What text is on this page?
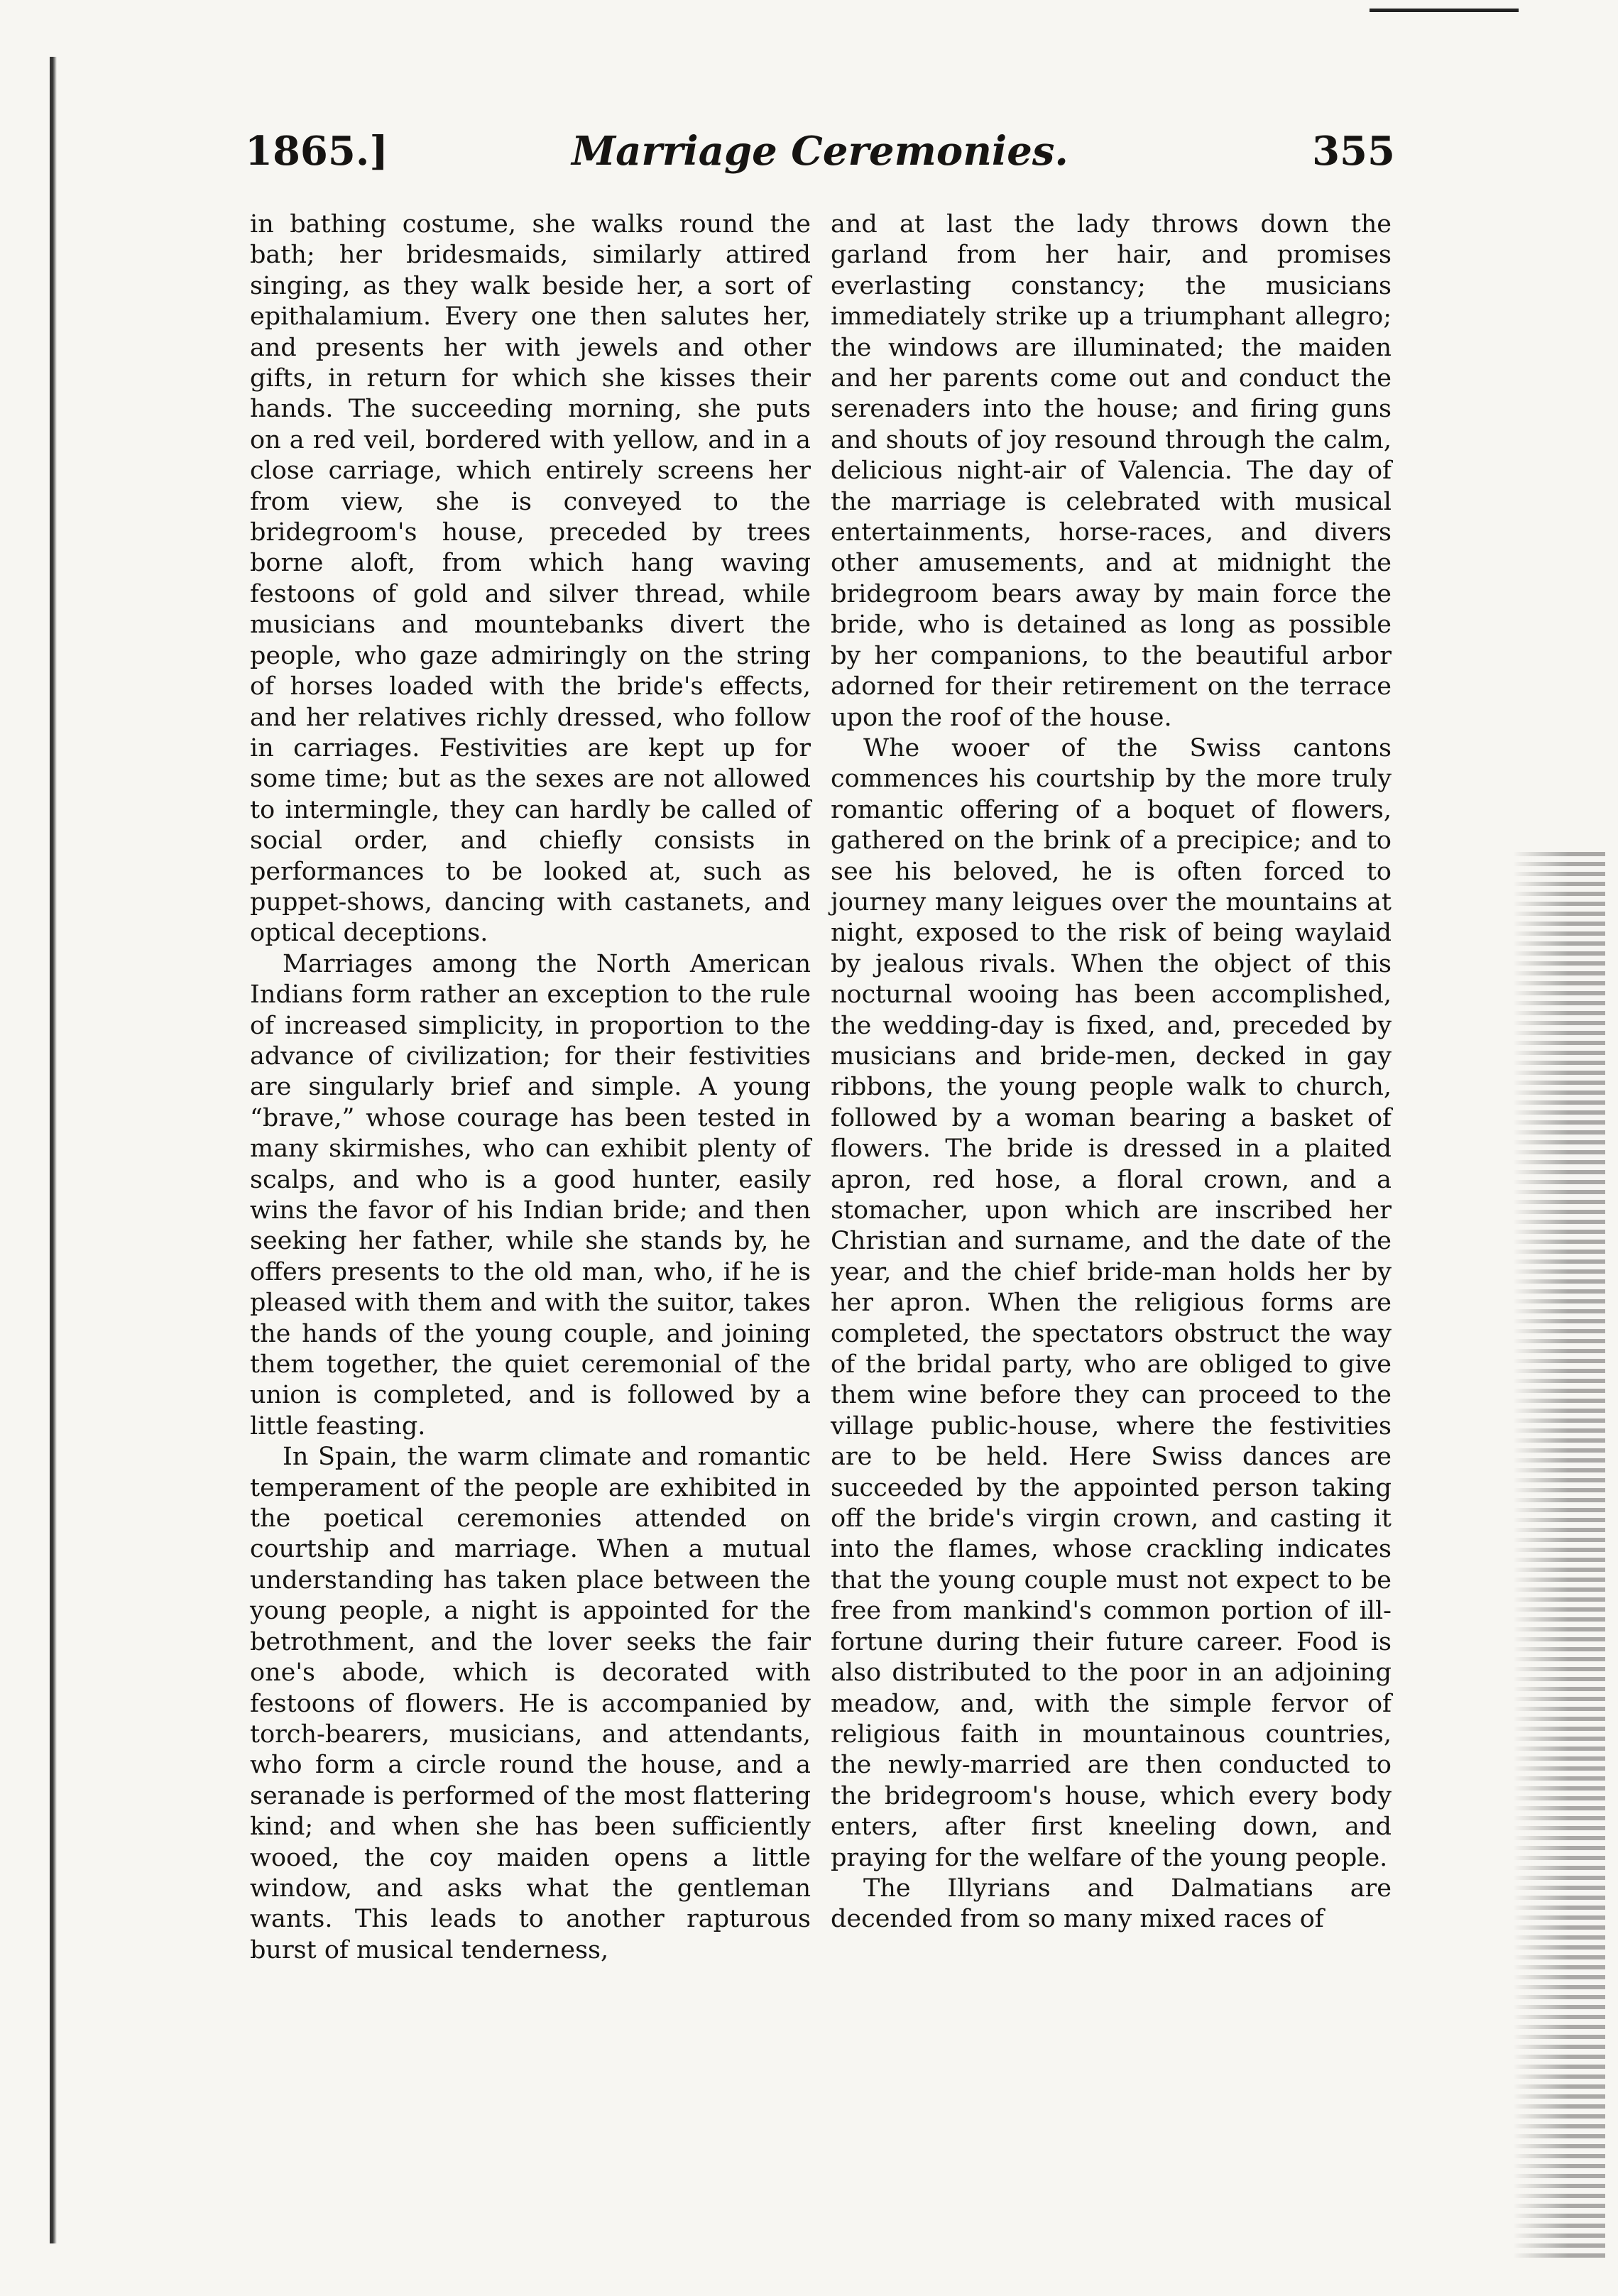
1865.]	Marriage Ceremonies.	355

in bathing costume, she walks round the bath; her bridesmaids, similarly attired singing, as they walk beside her, a sort of epithalamium. Every one then salutes her, and presents her with jewels and other gifts, in return for which she kisses their hands. The succeeding morning, she puts on a red veil, bordered with yellow, and in a close carriage, which entirely screens her from view, she is conveyed to the bridegroom's house, preceded by trees borne aloft, from which hang waving festoons of gold and silver thread, while musicians and mountebanks divert the people, who gaze admiringly on the string of horses loaded with the bride's effects, and her relatives richly dressed, who follow in carriages. Festivities are kept up for some time; but as the sexes are not allowed to intermingle, they can hardly be called of social order, and chiefly consists in performances to be looked at, such as puppet-shows, dancing with castanets, and optical deceptions.

Marriages among the North American Indians form rather an exception to the rule of increased simplicity, in proportion to the advance of civilization; for their festivities are singularly brief and simple. A young “brave,” whose courage has been tested in many skirmishes, who can exhibit plenty of scalps, and who is a good hunter, easily wins the favor of his Indian bride; and then seeking her father, while she stands by, he offers presents to the old man, who, if he is pleased with them and with the suitor, takes the hands of the young couple, and joining them together, the quiet ceremonial of the union is completed, and is followed by a little feasting.

In Spain, the warm climate and romantic temperament of the people are exhibited in the poetical ceremonies attended on courtship and marriage. When a mutual understanding has taken place between the young people, a night is appointed for the betrothment, and the lover seeks the fair one's abode, which is decorated with festoons of flowers. He is accompanied by torch-bearers, musicians, and attendants, who form a circle round the house, and a seranade is performed of the most flattering kind; and when she has been sufficiently wooed, the coy maiden opens a little window, and asks what the gentleman wants. This leads to another rapturous burst of musical tenderness,

and at last the lady throws down the garland from her hair, and promises everlasting constancy; the musicians immediately strike up a triumphant allegro; the windows are illuminated; the maiden and her parents come out and conduct the serenaders into the house; and firing guns and shouts of joy resound through the calm, delicious night-air of Valencia. The day of the marriage is celebrated with musical entertainments, horse-races, and divers other amusements, and at midnight the bridegroom bears away by main force the bride, who is detained as long as possible by her companions, to the beautiful arbor adorned for their retirement on the terrace upon the roof of the house.

Whe wooer of the Swiss cantons commences his courtship by the more truly romantic offering of a boquet of flowers, gathered on the brink of a precipice; and to see his beloved, he is often forced to journey many leigues over the mountains at night, exposed to the risk of being waylaid by jealous rivals. When the object of this nocturnal wooing has been accomplished, the wedding-day is fixed, and, preceded by musicians and bride-men, decked in gay ribbons, the young people walk to church, followed by a woman bearing a basket of flowers. The bride is dressed in a plaited apron, red hose, a floral crown, and a stomacher, upon which are inscribed her Christian and surname, and the date of the year, and the chief bride-man holds her by her apron. When the religious forms are completed, the spectators obstruct the way of the bridal party, who are obliged to give them wine before they can proceed to the village public-house, where the festivities are to be held. Here Swiss dances are succeeded by the appointed person taking off the bride's virgin crown, and casting it into the flames, whose crackling indicates that the young couple must not expect to be free from mankind's common portion of ill-fortune during their future career. Food is also distributed to the poor in an adjoining meadow, and, with the simple fervor of religious faith in mountainous countries, the newly-married are then conducted to the bridegroom's house, which every body enters, after first kneeling down, and praying for the welfare of the young people.

The Illyrians and Dalmatians are decended from so many mixed races of
